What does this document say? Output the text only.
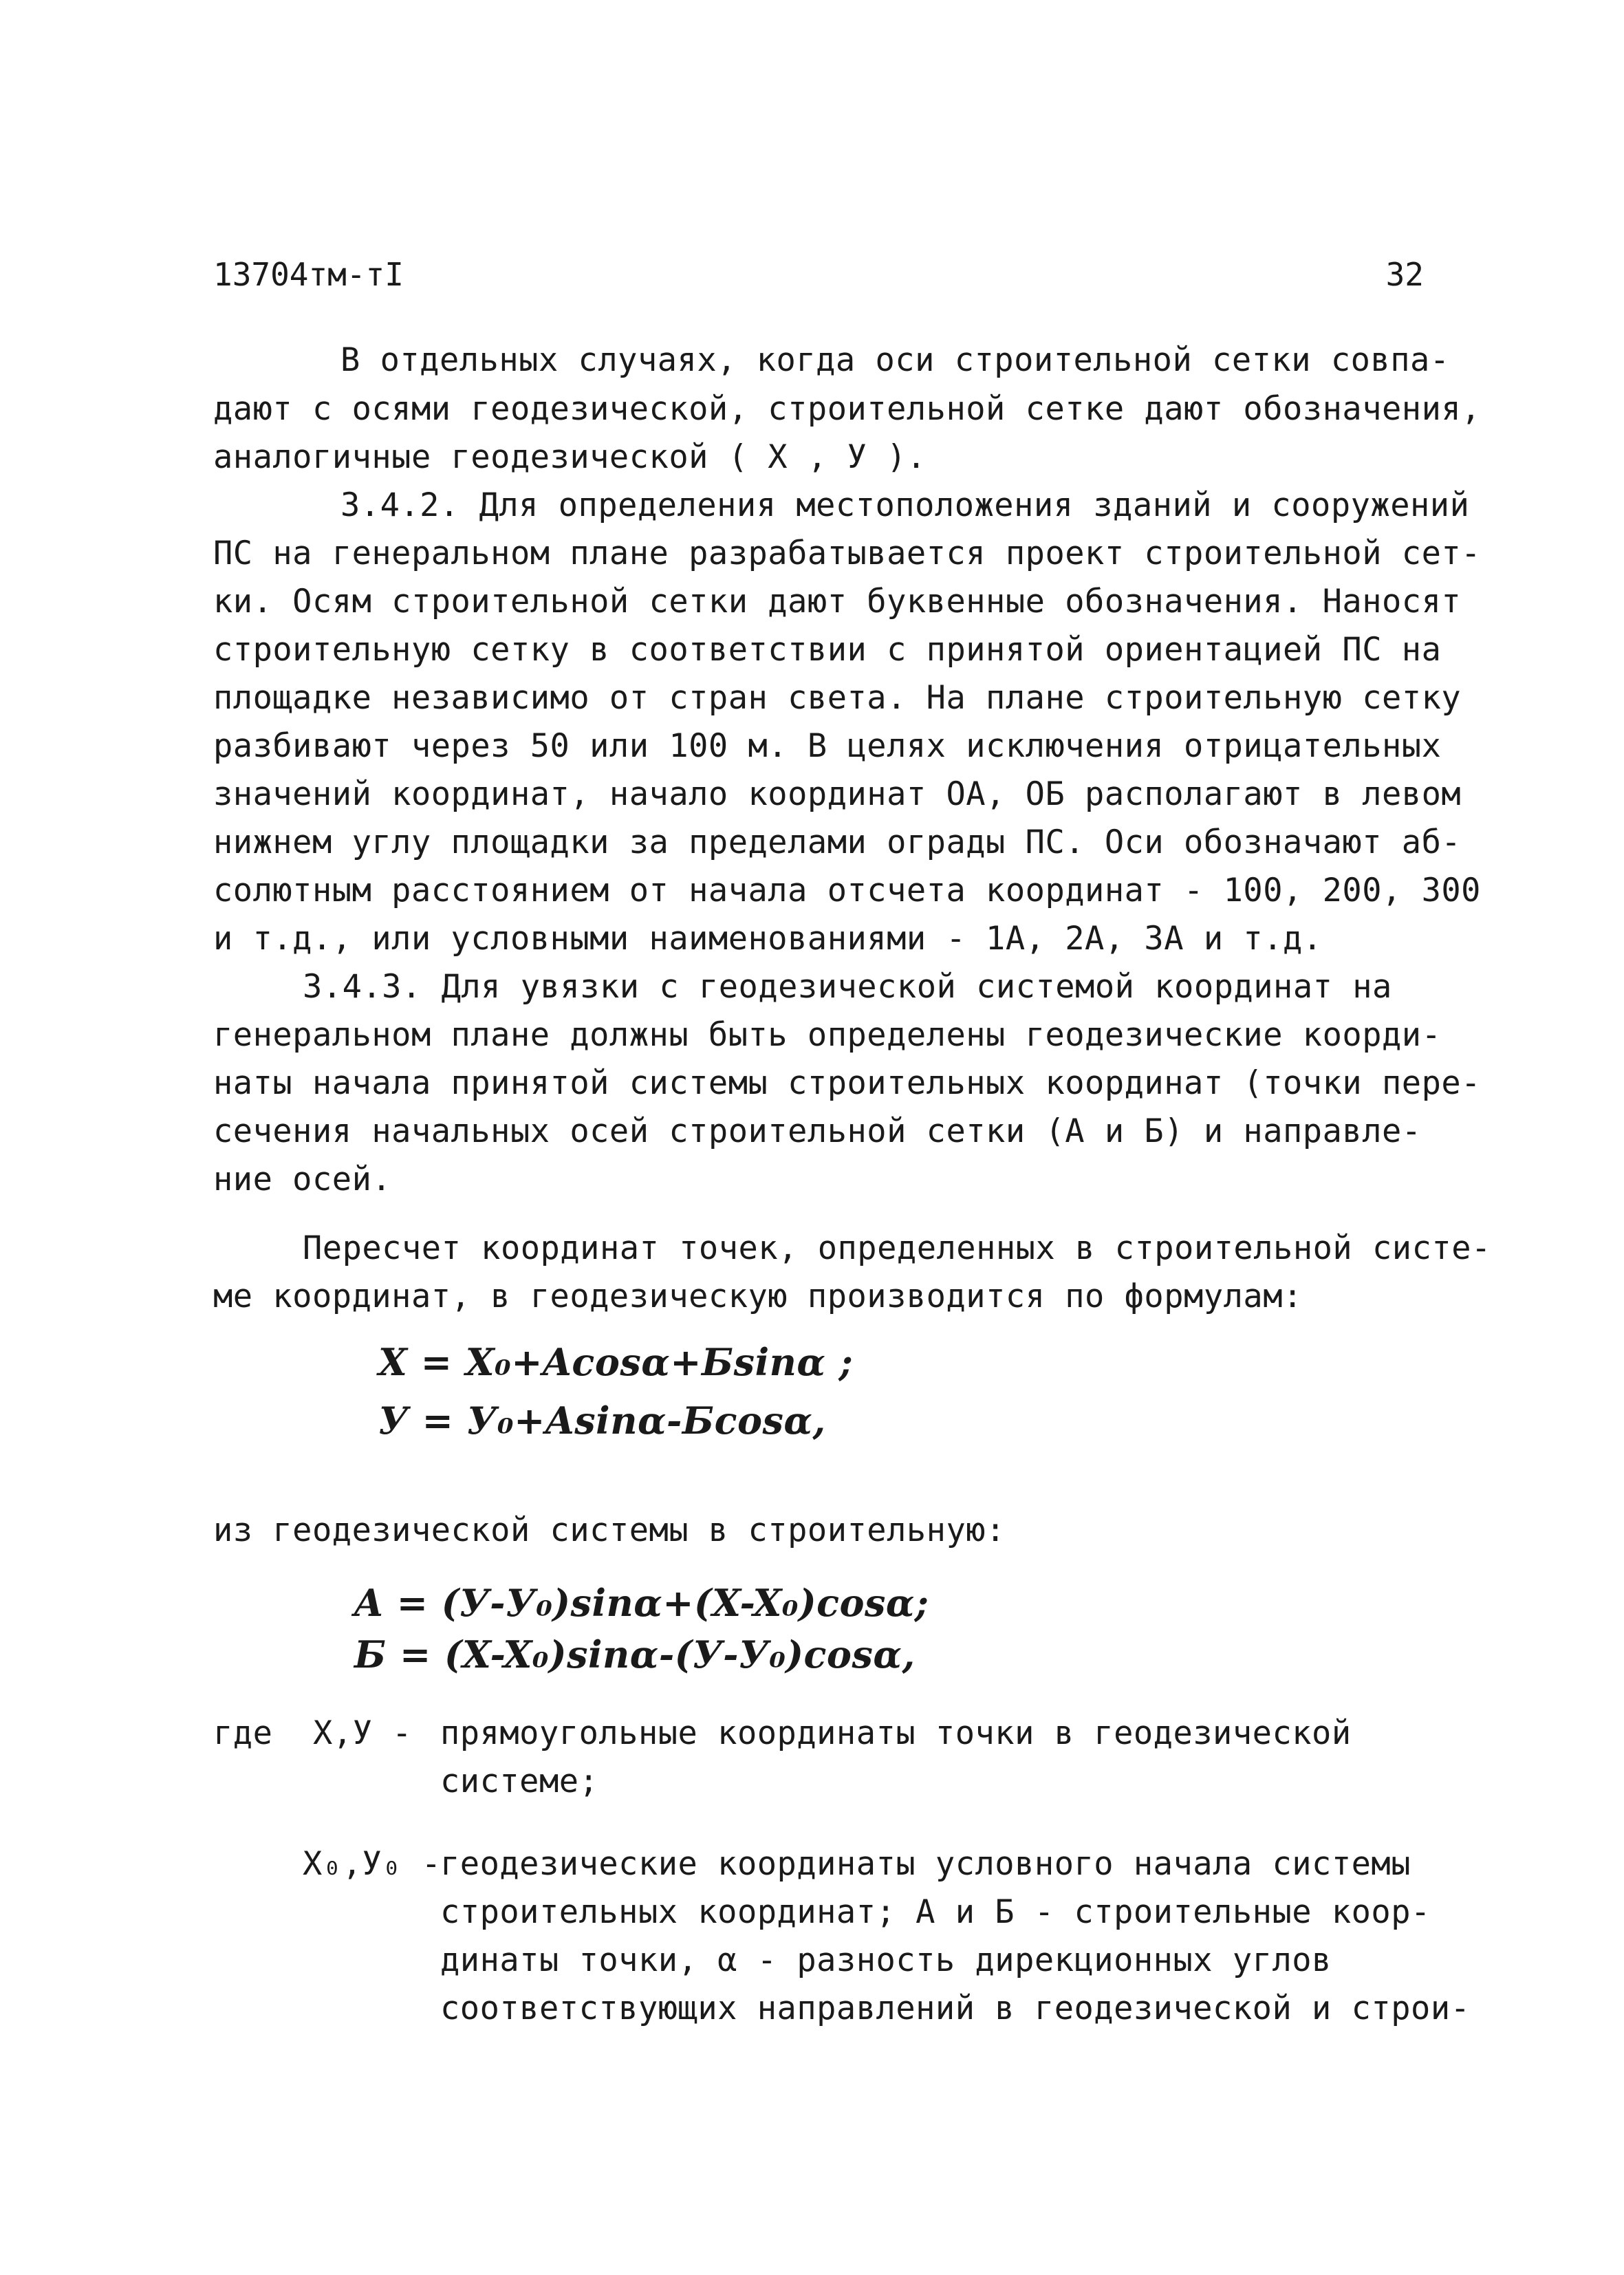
13704тм-тI	32
В отдельных случаях, когда оси строительной сетки совпа-
дают с осями геодезической, строительной сетке дают обозначения,
аналогичные геодезической ( X , У ).
3.4.2. Для определения местоположения зданий и сооружений
ПС на генеральном плане разрабатывается проект строительной сет-
ки. Осям строительной сетки дают буквенные обозначения. Наносят
строительную сетку в соответствии с принятой ориентацией ПС на
площадке независимо от стран света. На плане строительную сетку
разбивают через 50 или 100 м. В целях исключения отрицательных
значений координат, начало координат OA, OБ располагают в левом
нижнем углу площадки за пределами ограды ПС. Оси обозначают аб-
солютным расстоянием от начала отсчета координат - 100, 200, 300
и т.д., или условными наименованиями - 1А, 2А, 3А и т.д.
3.4.3. Для увязки с геодезической системой координат на
генеральном плане должны быть определены геодезические коорди-
наты начала принятой системы строительных координат (точки пере-
сечения начальных осей строительной сетки (А и Б) и направле-
ние осей.
Пересчет координат точек, определенных в строительной систе-
ме координат, в геодезическую производится по формулам:
X = X₀+Acosα+Бsinα ;
У = У₀+Asinα-Бcosα,
из геодезической системы в строительную:
A = (У-У₀)sinα+(X-X₀)cosα;
Б = (X-X₀)sinα-(У-У₀)cosα,
где X,У - прямоугольные координаты точки в геодезической
системе;
X₀,У₀ -
геодезические координаты условного начала системы
строительных координат; А и Б - строительные коор-
динаты точки, α - разность дирекционных углов
соответствующих направлений в геодезической и строи-
